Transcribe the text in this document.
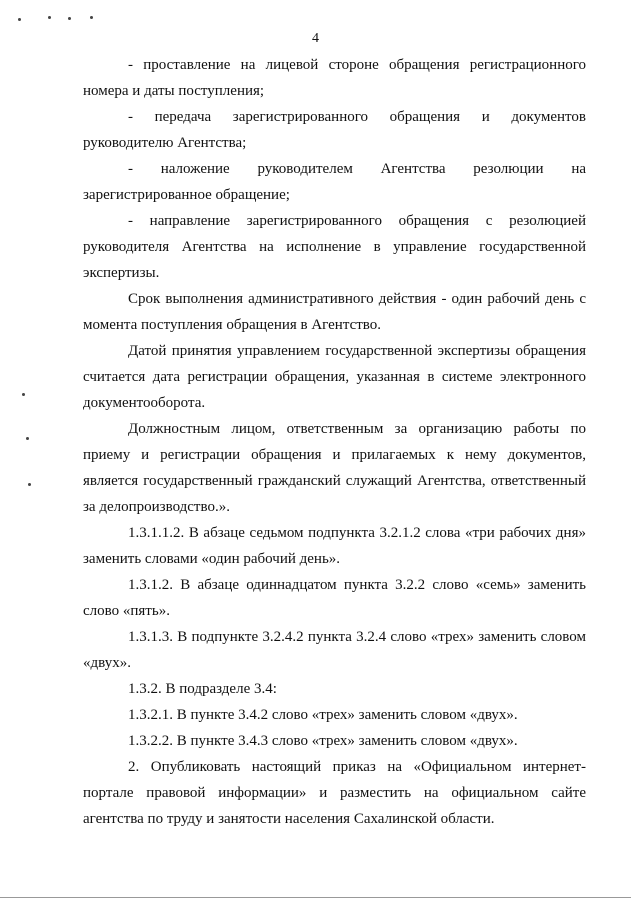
4

- проставление на лицевой стороне обращения регистрационного номера и даты поступления;

- передача зарегистрированного обращения и документов руководителю Агентства;

- наложение руководителем Агентства резолюции на зарегистрированное обращение;

- направление зарегистрированного обращения с резолюцией руководителя Агентства на исполнение в управление государственной экспертизы.

Срок выполнения административного действия - один рабочий день с момента поступления обращения в Агентство.

Датой принятия управлением государственной экспертизы обращения считается дата регистрации обращения, указанная в системе электронного документооборота.

Должностным лицом, ответственным за организацию работы по приему и регистрации обращения и прилагаемых к нему документов, является государственный гражданский служащий Агентства, ответственный за делопроизводство.».

1.3.1.1.2. В абзаце седьмом подпункта 3.2.1.2 слова «три рабочих дня» заменить словами «один рабочий день».

1.3.1.2. В абзаце одиннадцатом пункта 3.2.2 слово «семь» заменить слово «пять».

1.3.1.3. В подпункте 3.2.4.2 пункта 3.2.4 слово «трех» заменить словом «двух».

1.3.2. В подразделе 3.4:

1.3.2.1. В пункте 3.4.2 слово «трех» заменить словом «двух».

1.3.2.2. В пункте 3.4.3 слово «трех» заменить словом «двух».

2. Опубликовать настоящий приказ на «Официальном интернет-портале правовой информации» и разместить на официальном сайте агентства по труду и занятости населения Сахалинской области.
